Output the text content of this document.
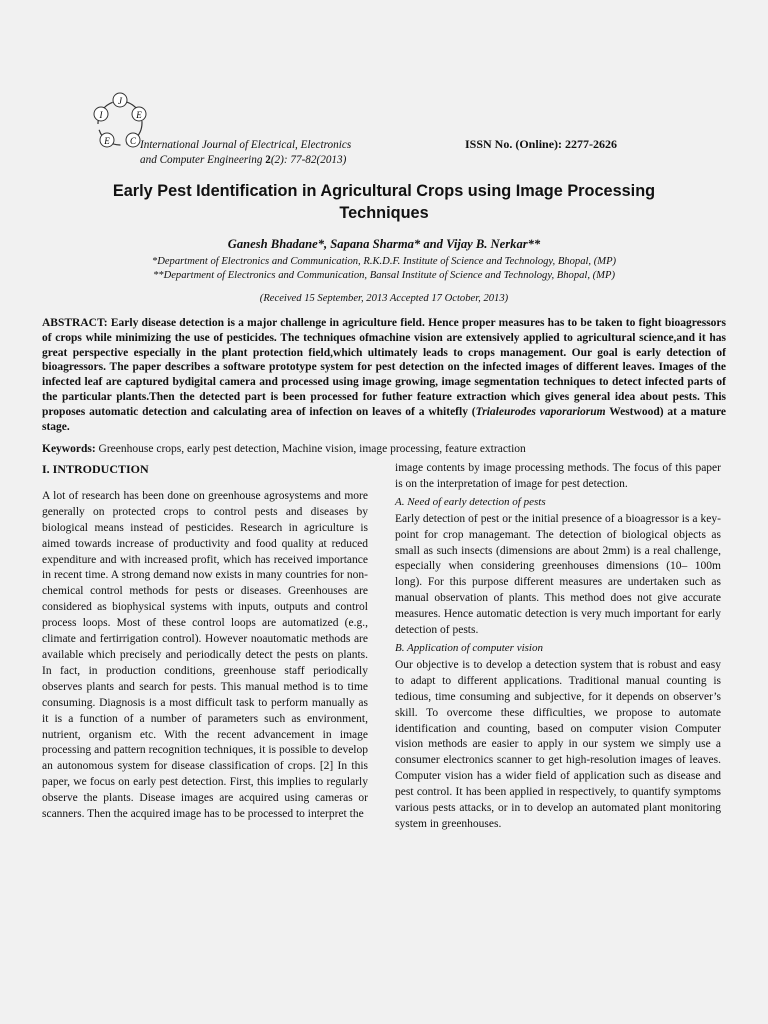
J
E
C
E
I
International Journal of Electrical, Electronics
and Computer Engineering 2(2): 77-82(2013)
ISSN No. (Online): 2277-2626
Early Pest Identification in Agricultural Crops using Image Processing
Techniques
Ganesh Bhadane*, Sapana Sharma* and Vijay B. Nerkar**
*Department of Electronics and Communication, R.K.D.F. Institute of Science and Technology, Bhopal, (MP)
**Department of Electronics and Communication, Bansal Institute of Science and Technology, Bhopal, (MP)
(Received 15 September, 2013 Accepted 17 October, 2013)
ABSTRACT: Early disease detection is a major challenge in agriculture field. Hence proper measures has to be taken to fight bioagressors of crops while minimizing the use of pesticides. The techniques ofmachine vision are extensively applied to agricultural science,and it has great perspective especially in the plant protection field,which ultimately leads to crops management. Our goal is early detection of bioagressors. The paper describes a software prototype system for pest detection on the infected images of different leaves. Images of the infected leaf are captured bydigital camera and processed using image growing, image segmentation techniques to detect infected parts of the particular plants.Then the detected part is been processed for futher feature extraction which gives general idea about pests. This proposes automatic detection and calculating area of infection on leaves of a whitefly (Trialeurodes vaporariorum Westwood) at a mature stage.
Keywords: Greenhouse crops, early pest detection, Machine vision, image processing, feature extraction

I. INTRODUCTION

A lot of research has been done on greenhouse agrosystems and more generally on protected crops to control pests and diseases by biological means instead of pesticides. Research in agriculture is aimed towards increase of productivity and food quality at reduced expenditure and with increased profit, which has received importance in recent time. A strong demand now exists in many countries for non-chemical control methods for pests or diseases. Greenhouses are considered as biophysical systems with inputs, outputs and control process loops. Most of these control loops are automatized (e.g., climate and fertirrigation control). However noautomatic methods are available which precisely and periodically detect the pests on plants. In fact, in production conditions, greenhouse staff periodically observes plants and search for pests. This manual method is to time consuming. Diagnosis is a most difficult task to perform manually as it is a function of a number of parameters such as environment, nutrient, organism etc. With the recent advancement in image processing and pattern recognition techniques, it is possible to develop an autonomous system for disease classification of crops. [2] In this paper, we focus on early pest detection. First, this implies to regularly observe the plants. Disease images are acquired using cameras or scanners. Then the acquired image has to be processed to interpret the

image contents by image processing methods. The focus of this paper is on the interpretation of image for pest detection.

A. Need of early detection of pests

Early detection of pest or the initial presence of a bioagressor is a key-point for crop managemant. The detection of biological objects as small as such insects (dimensions are about 2mm) is a real challenge, especially when considering greenhouses dimensions (10– 100m long). For this purpose different measures are undertaken such as manual observation of plants. This method does not give accurate measures. Hence automatic detection is very much important for early detection of pests.

B. Application of computer vision

Our objective is to develop a detection system that is robust and easy to adapt to different applications. Traditional manual counting is tedious, time consuming and subjective, for it depends on observer’s skill. To overcome these difficulties, we propose to automate identification and counting, based on computer vision Computer vision methods are easier to apply in our system we simply use a consumer electronics scanner to get high-resolution images of leaves. Computer vision has a wider field of application such as disease and pest control. It has been applied in respectively, to quantify symptoms various pests attacks, or in to develop an automated plant monitoring system in greenhouses.
